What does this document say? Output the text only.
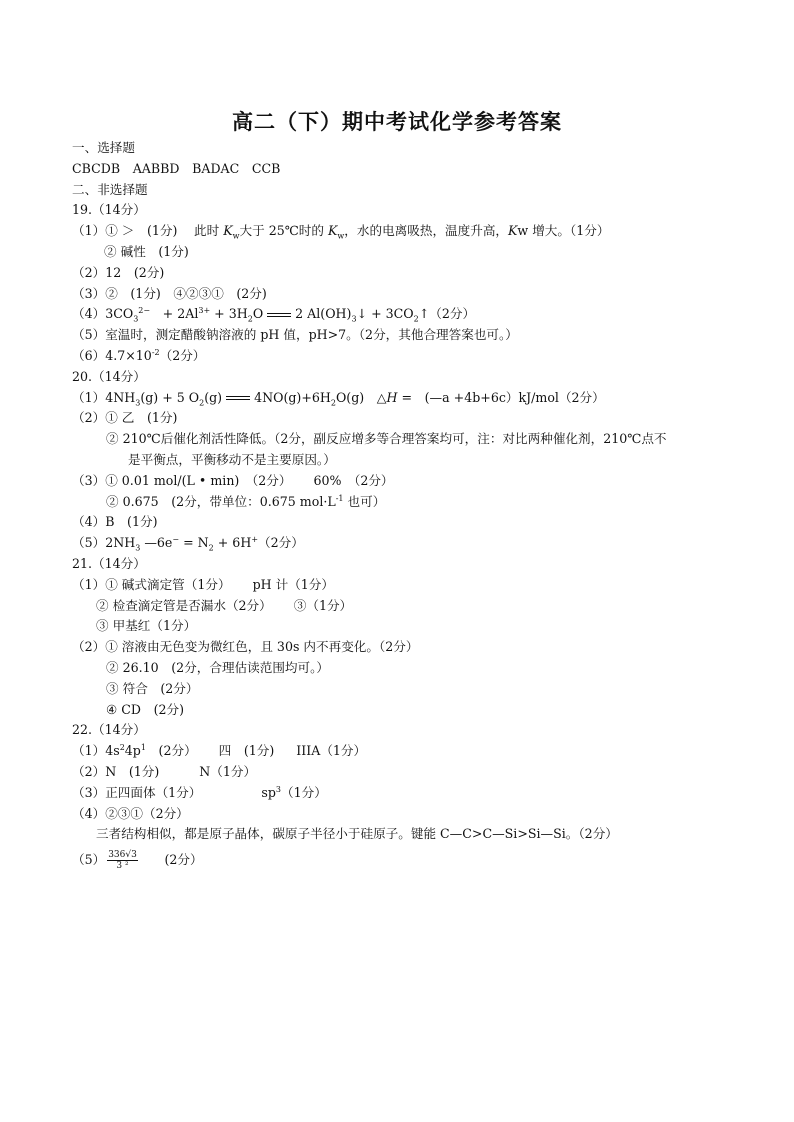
高二（下）期中考试化学参考答案
一、选择题
CBCDB　AABBD　BADAC　CCB
二、非选择题
19.（14分）
（1）① ＞　(1分)　 此时 $K_w$大于 25℃时的 $K_w$，水的电离吸热，温度升高，Kw 增大。（1分）
② 碱性　(1分)
（2）12　(2分)
（3）②　(1分)　④②③①　(2分)
$(4)3CO_3^{2-}$　+ $2Al^{3+} + 3H_2O$	2 $Al(OH)_3↓$ + $3CO_2↑(2$分）
（5）室温时，测定醋酸钠溶液的 pH 值，pH>7。（2分，其他合理答案也可。）
$(6)4.7\times 10^{-2}(2$分）
20.（14分）
$(1)4NH_3(g) + 5$ $O_2(g)$	$4NO(g)+6H_2O(g)$　△H =　(—a +4b+6c）kJ/mol（2分）
（2）① 乙　(1分)
② 210℃后催化剂活性降低。（2分，副反应增多等合理答案均可，注：对比两种催化剂，210℃点不
是平衡点，平衡移动不是主要原因。）
（3）① 0.01 mol/(L • min)　（2分） 60%　（2分）
② 0.675　(2分，带单位：0.675 $mol\cdot L^{-1}$ 也可）
（4）B　(1分)
$(5)2NH_3$ —6e− = $N_2 + 6H^+(2$分）
21.（14分）
（1）① 碱式滴定管（1分） pH 计（1分）
② 检查滴定管是否漏水（2分） ③（1分）
③ 甲基红（1分）
（2）① 溶液由无色变为微红色，且 30s 内不再变化。（2分）
② 26.10　(2分，合理估读范围均可。）
③ 符合　(2分）
④ CD　(2分)
22.（14分）
$(1)4s^24p^1$　(2分） 四　(1分) IIIA（1分）
（2）N　(1分)	N（1分）
（3）正四面体（1分）	$sp^3(1$分）
（4）②③①（2分）
三者结构相似，都是原子晶体，碳原子半径小于硅原子。键能 C—C>C—Si>Si—Si。（2分）
$(5) \frac{336√3}{\text{3 ²}}$ 　(2分）
